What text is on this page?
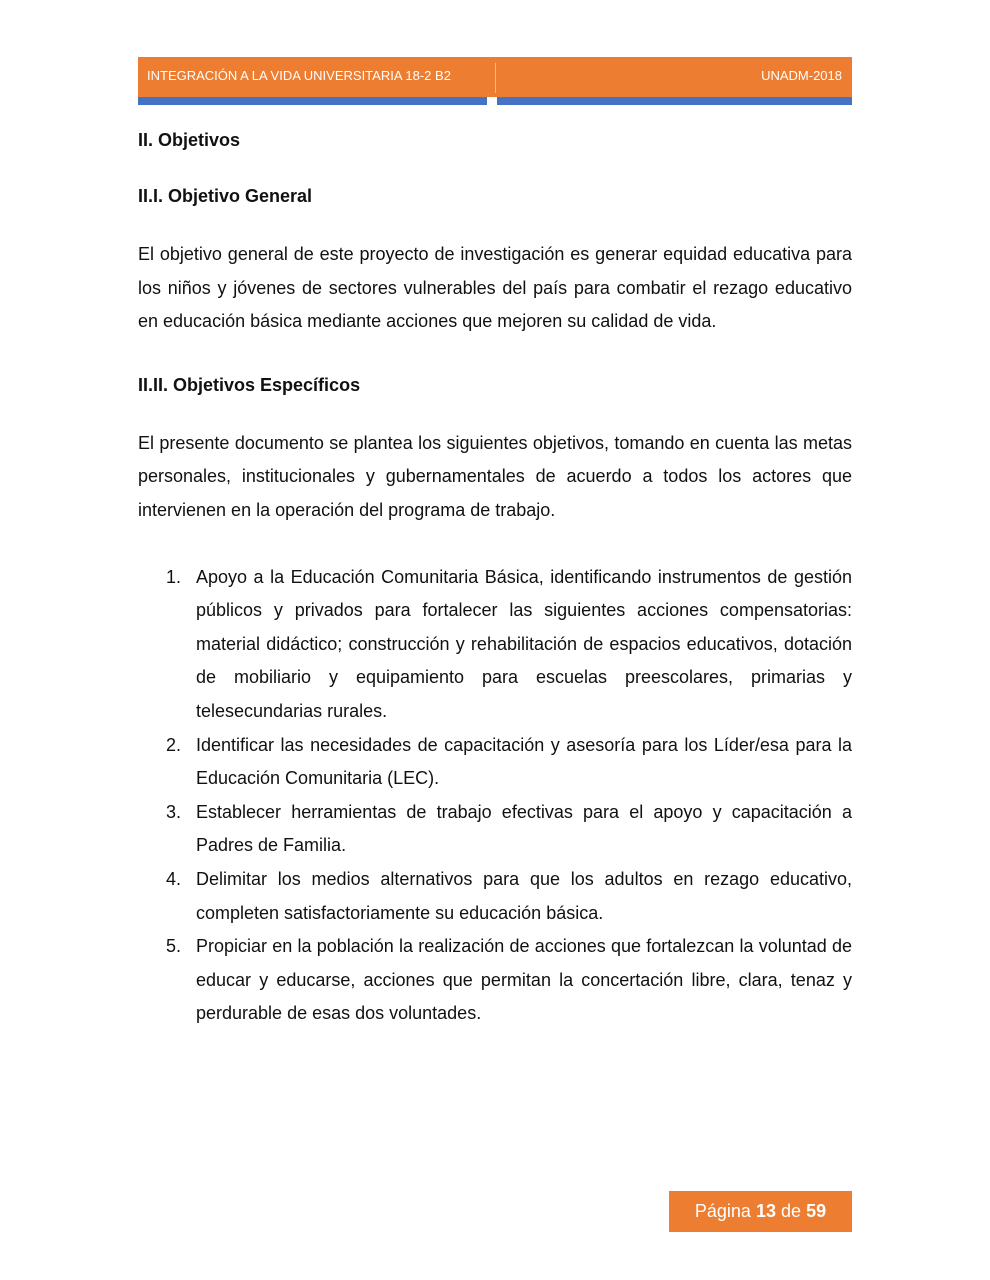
INTEGRACIÓN A LA VIDA UNIVERSITARIA 18-2 B2	UNADM-2018
II. Objetivos
II.I. Objetivo General

El objetivo general de este proyecto de investigación es generar equidad educativa para los niños y jóvenes de sectores vulnerables del país para combatir el rezago educativo en educación básica mediante acciones que mejoren su calidad de vida.

II.II. Objetivos Específicos

El presente documento se plantea los siguientes objetivos, tomando en cuenta las metas personales, institucionales y gubernamentales de acuerdo a todos los actores que intervienen en la operación del programa de trabajo.

1. Apoyo a la Educación Comunitaria Básica, identificando instrumentos de gestión públicos y privados para fortalecer las siguientes acciones compensatorias: material didáctico; construcción y rehabilitación de espacios educativos, dotación de mobiliario y equipamiento para escuelas preescolares, primarias y telesecundarias rurales.
2. Identificar las necesidades de capacitación y asesoría para los Líder/esa para la Educación Comunitaria (LEC).
3. Establecer herramientas de trabajo efectivas para el apoyo y capacitación a Padres de Familia.
4. Delimitar los medios alternativos para que los adultos en rezago educativo, completen satisfactoriamente su educación básica.
5. Propiciar en la población la realización de acciones que fortalezcan la voluntad de educar y educarse, acciones que permitan la concertación libre, clara, tenaz y perdurable de esas dos voluntades.
Página
13
de
59
